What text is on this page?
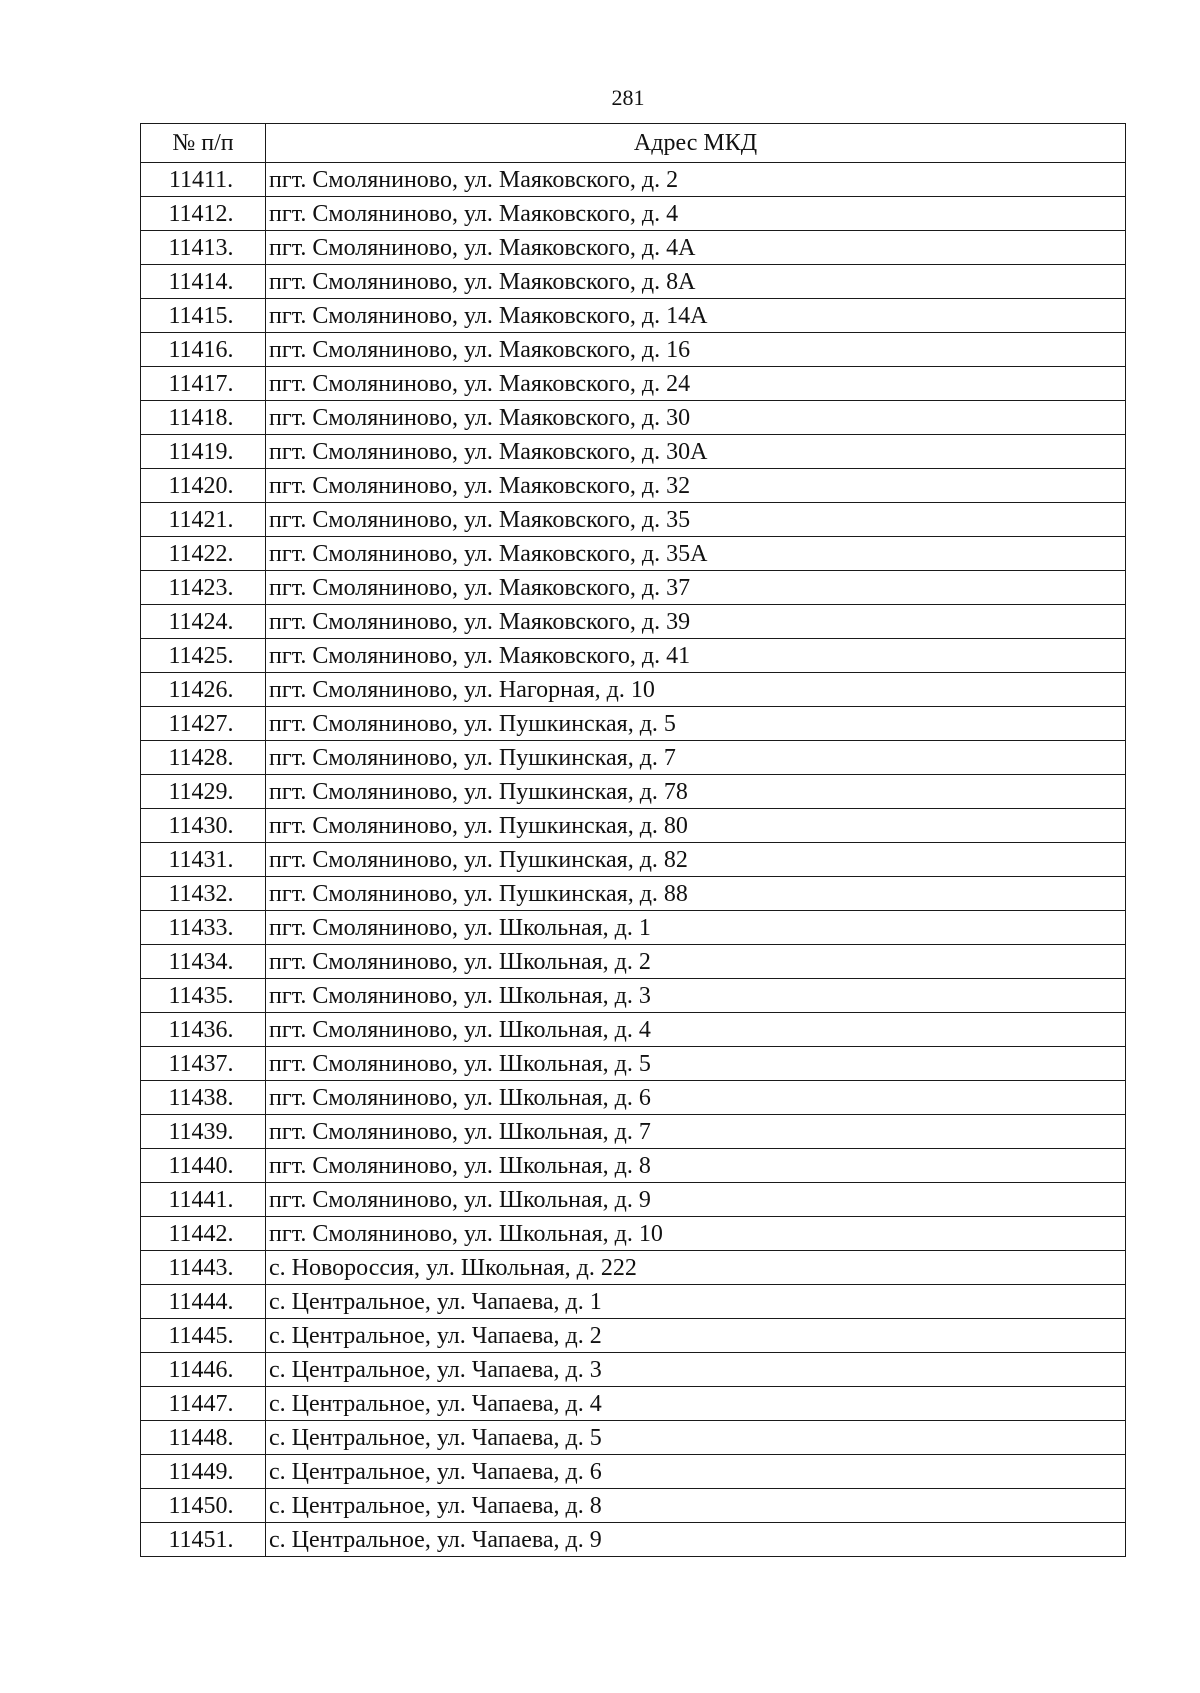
281
№ п/п	Адрес МКД
11411.	пгт. Смоляниново, ул. Маяковского, д. 2
11412.	пгт. Смоляниново, ул. Маяковского, д. 4
11413.	пгт. Смоляниново, ул. Маяковского, д. 4А
11414.	пгт. Смоляниново, ул. Маяковского, д. 8А
11415.	пгт. Смоляниново, ул. Маяковского, д. 14А
11416.	пгт. Смоляниново, ул. Маяковского, д. 16
11417.	пгт. Смоляниново, ул. Маяковского, д. 24
11418.	пгт. Смоляниново, ул. Маяковского, д. 30
11419.	пгт. Смоляниново, ул. Маяковского, д. 30А
11420.	пгт. Смоляниново, ул. Маяковского, д. 32
11421.	пгт. Смоляниново, ул. Маяковского, д. 35
11422.	пгт. Смоляниново, ул. Маяковского, д. 35А
11423.	пгт. Смоляниново, ул. Маяковского, д. 37
11424.	пгт. Смоляниново, ул. Маяковского, д. 39
11425.	пгт. Смоляниново, ул. Маяковского, д. 41
11426.	пгт. Смоляниново, ул. Нагорная, д. 10
11427.	пгт. Смоляниново, ул. Пушкинская, д. 5
11428.	пгт. Смоляниново, ул. Пушкинская, д. 7
11429.	пгт. Смоляниново, ул. Пушкинская, д. 78
11430.	пгт. Смоляниново, ул. Пушкинская, д. 80
11431.	пгт. Смоляниново, ул. Пушкинская, д. 82
11432.	пгт. Смоляниново, ул. Пушкинская, д. 88
11433.	пгт. Смоляниново, ул. Школьная, д. 1
11434.	пгт. Смоляниново, ул. Школьная, д. 2
11435.	пгт. Смоляниново, ул. Школьная, д. 3
11436.	пгт. Смоляниново, ул. Школьная, д. 4
11437.	пгт. Смоляниново, ул. Школьная, д. 5
11438.	пгт. Смоляниново, ул. Школьная, д. 6
11439.	пгт. Смоляниново, ул. Школьная, д. 7
11440.	пгт. Смоляниново, ул. Школьная, д. 8
11441.	пгт. Смоляниново, ул. Школьная, д. 9
11442.	пгт. Смоляниново, ул. Школьная, д. 10
11443.	с. Новороссия, ул. Школьная, д. 222
11444.	с. Центральное, ул. Чапаева, д. 1
11445.	с. Центральное, ул. Чапаева, д. 2
11446.	с. Центральное, ул. Чапаева, д. 3
11447.	с. Центральное, ул. Чапаева, д. 4
11448.	с. Центральное, ул. Чапаева, д. 5
11449.	с. Центральное, ул. Чапаева, д. 6
11450.	с. Центральное, ул. Чапаева, д. 8
11451.	с. Центральное, ул. Чапаева, д. 9
